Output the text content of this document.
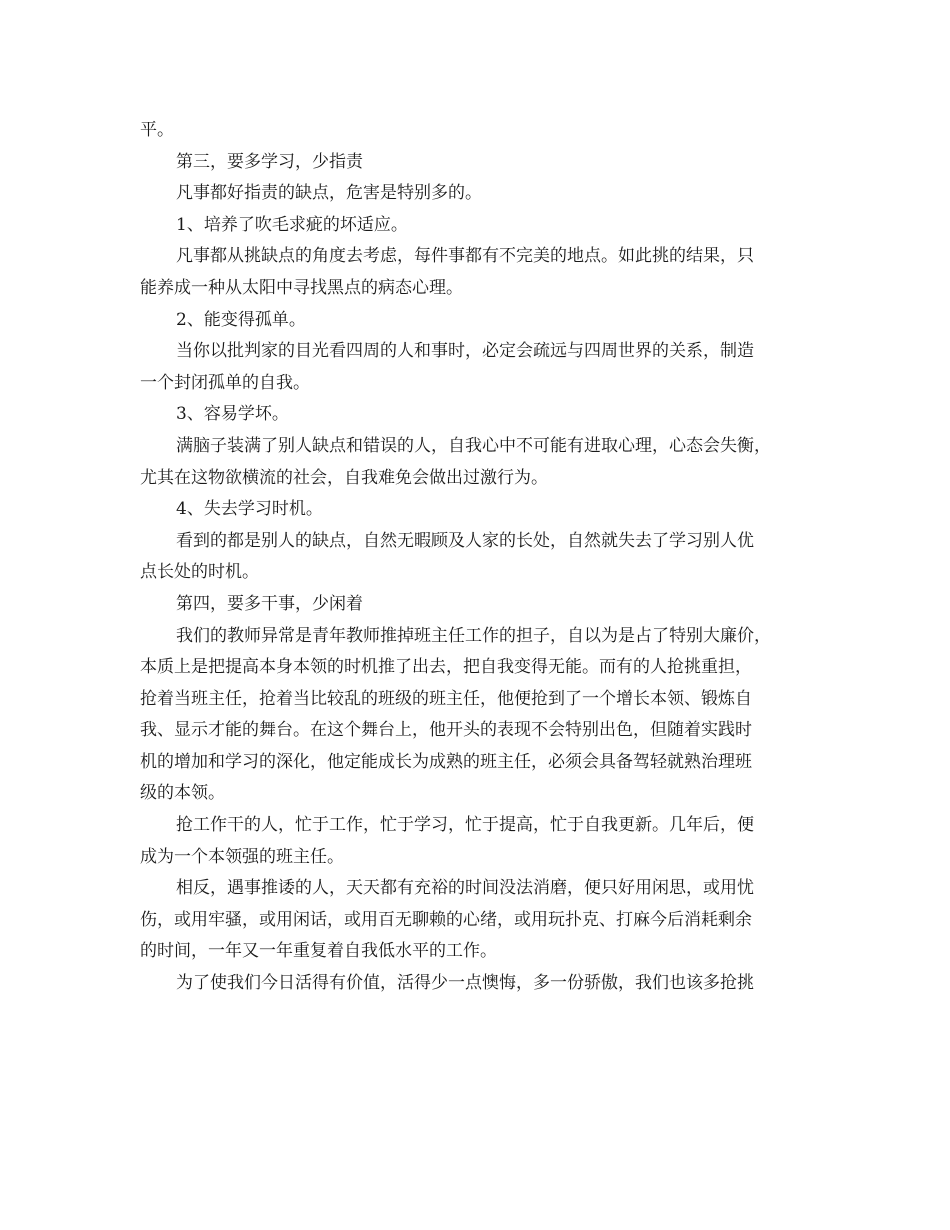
平。
第三，要多学习，少指责
凡事都好指责的缺点，危害是特别多的。
1、培养了吹毛求疵的坏适应。
凡事都从挑缺点的角度去考虑，每件事都有不完美的地点。如此挑的结果，只
能养成一种从太阳中寻找黑点的病态心理。
2、能变得孤单。
当你以批判家的目光看四周的人和事时，必定会疏远与四周世界的关系，制造
一个封闭孤单的自我。
3、容易学坏。
满脑子装满了别人缺点和错误的人，自我心中不可能有进取心理，心态会失衡，
尤其在这物欲横流的社会，自我难免会做出过激行为。
4、失去学习时机。
看到的都是别人的缺点，自然无暇顾及人家的长处，自然就失去了学习别人优
点长处的时机。
第四，要多干事，少闲着
我们的教师异常是青年教师推掉班主任工作的担子，自以为是占了特别大廉价，
本质上是把提高本身本领的时机推了出去，把自我变得无能。而有的人抢挑重担，
抢着当班主任，抢着当比较乱的班级的班主任，他便抢到了一个增长本领、锻炼自
我、显示才能的舞台。在这个舞台上，他开头的表现不会特别出色，但随着实践时
机的增加和学习的深化，他定能成长为成熟的班主任，必须会具备驾轻就熟治理班
级的本领。
抢工作干的人，忙于工作，忙于学习，忙于提高，忙于自我更新。几年后，便
成为一个本领强的班主任。
相反，遇事推诿的人，天天都有充裕的时间没法消磨，便只好用闲思，或用忧
伤，或用牢骚，或用闲话，或用百无聊赖的心绪，或用玩扑克、打麻今后消耗剩余
的时间，一年又一年重复着自我低水平的工作。
为了使我们今日活得有价值，活得少一点懊悔，多一份骄傲，我们也该多抢挑
